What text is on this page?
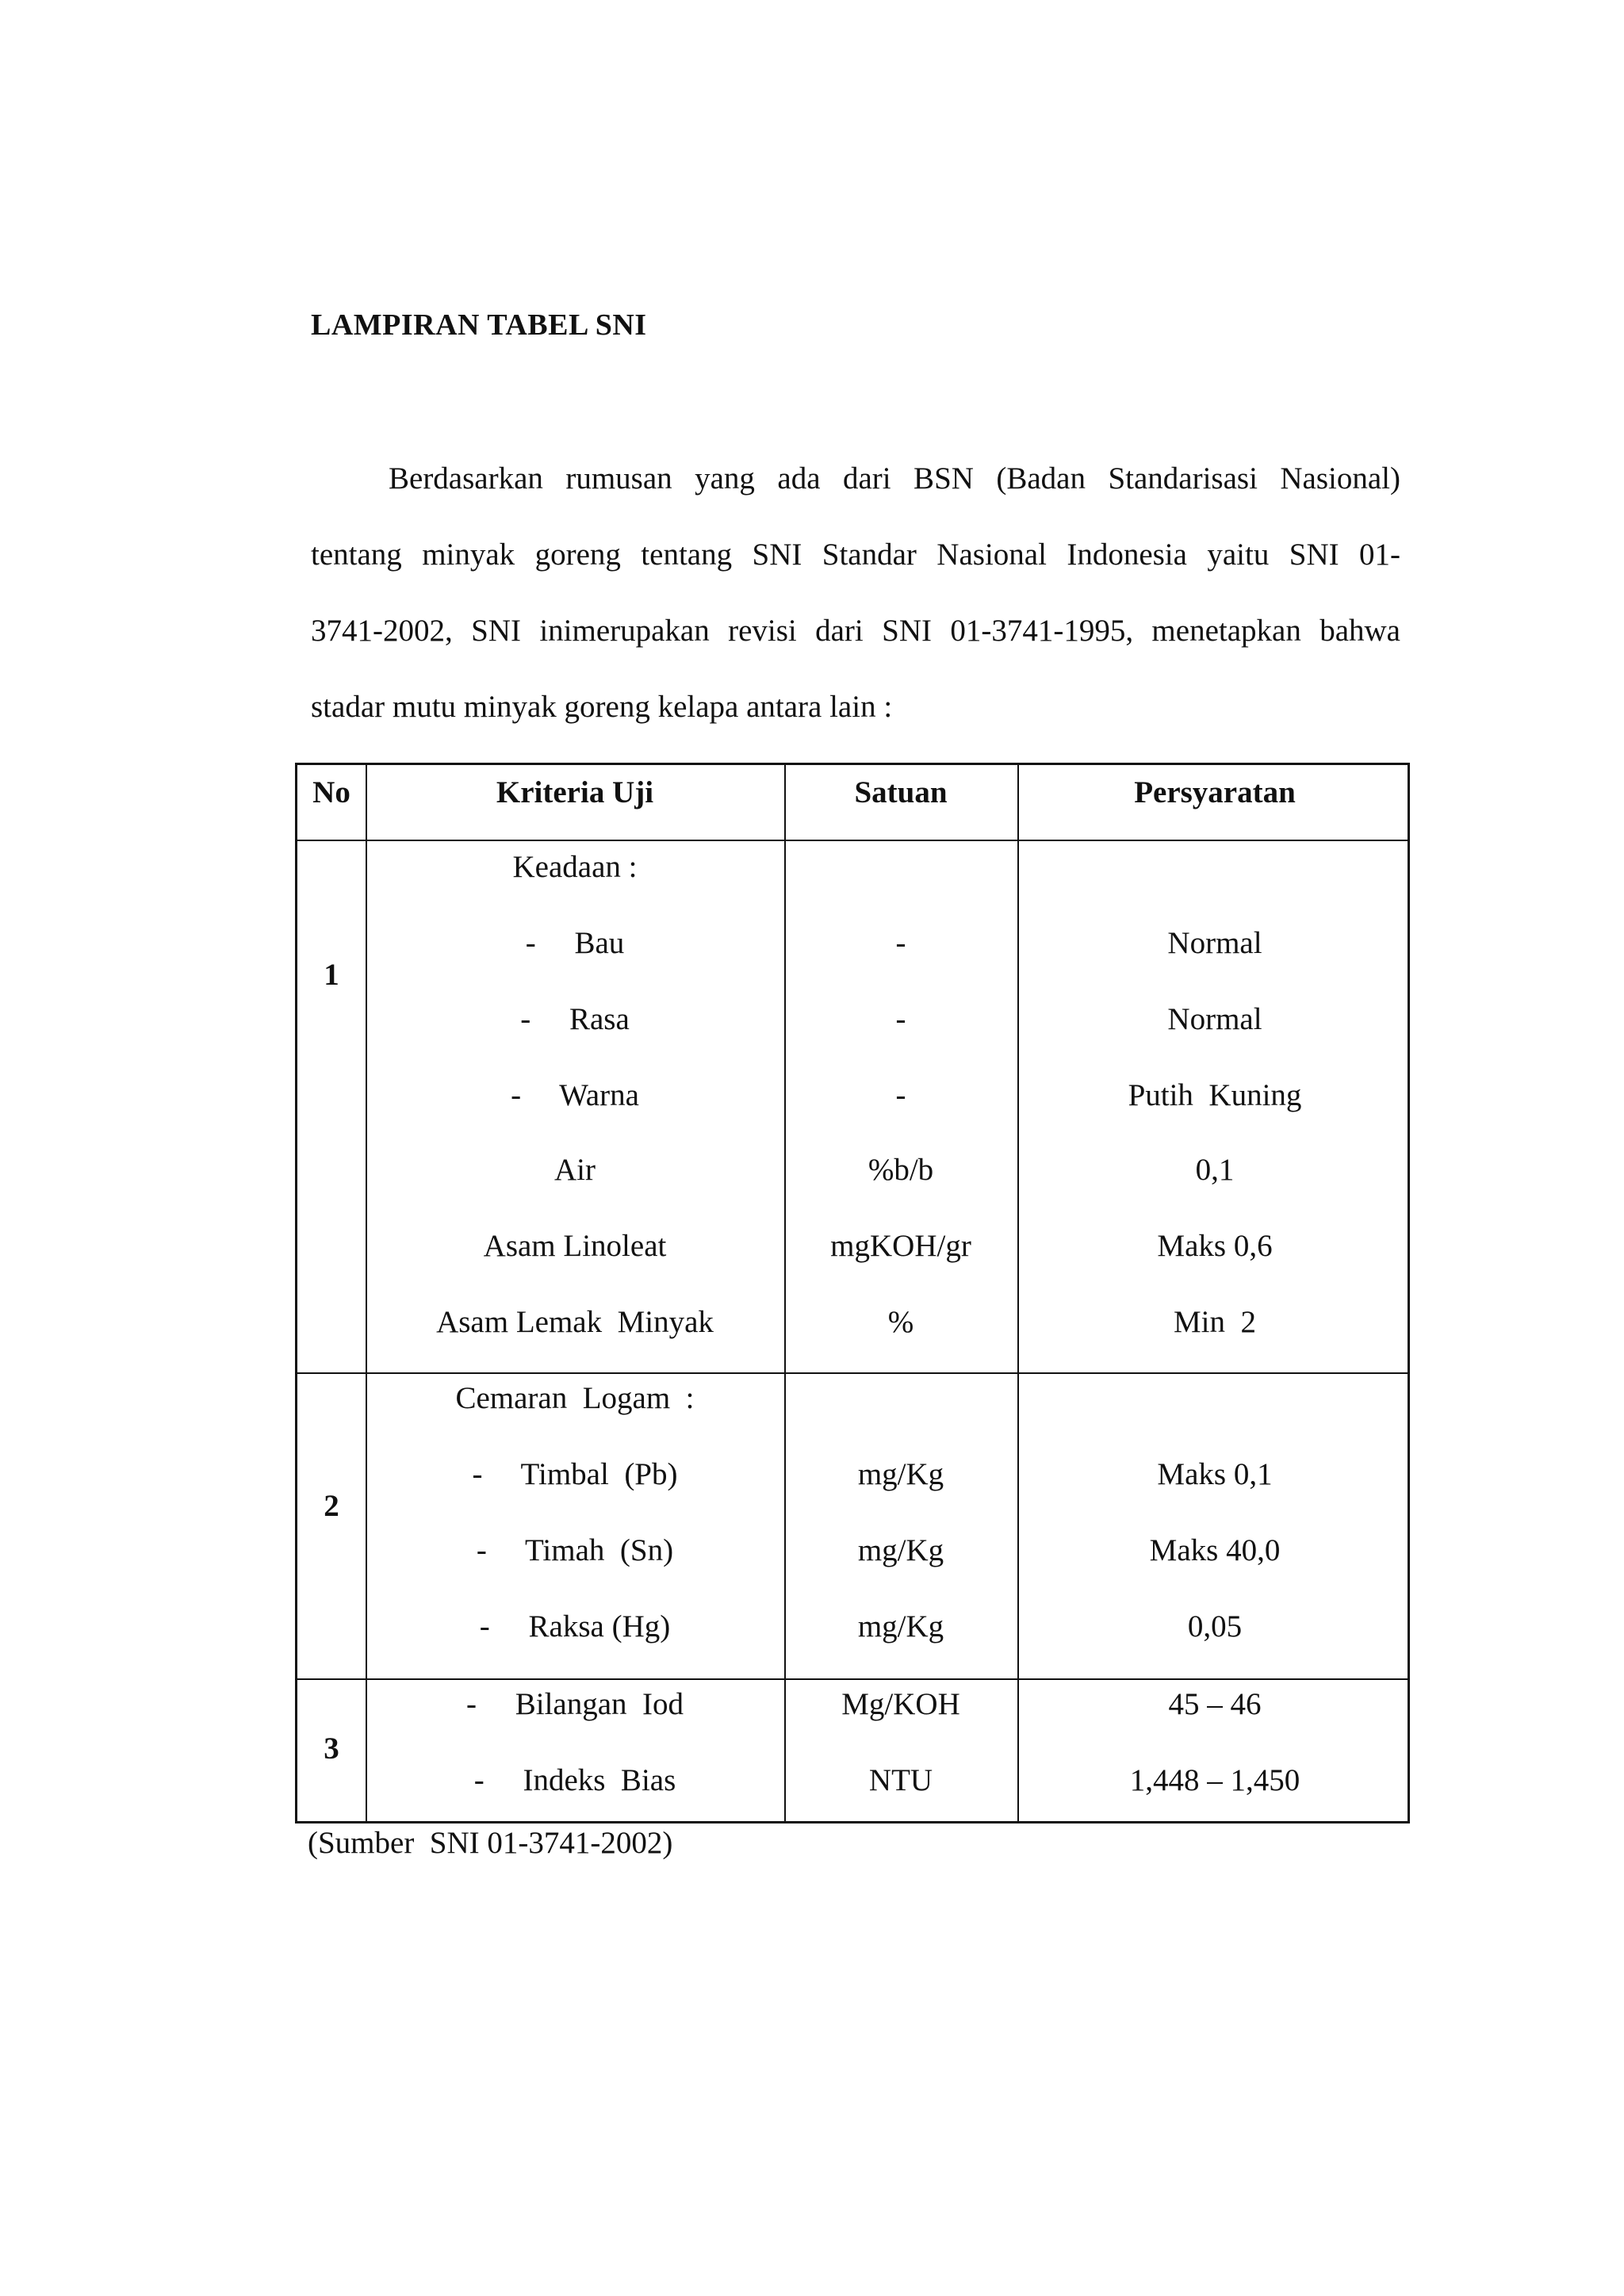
LAMPIRAN TABEL SNI
Berdasarkan rumusan yang ada dari BSN (Badan Standarisasi Nasional)
tentang minyak goreng tentang SNI Standar Nasional Indonesia yaitu SNI 01-
3741-2002, SNI inimerupakan revisi dari SNI 01-3741-1995, menetapkan bahwa
stadar mutu minyak goreng kelapa antara lain :
No	Kriteria Uji	Satuan	Persyaratan
1
Keadaan :
-     Bau	-	Normal
-     Rasa	-	Normal
-     Warna	-	Putih  Kuning
Air	%b/b	0,1
Asam Linoleat	mgKOH/gr	Maks 0,6
Asam Lemak  Minyak	%	Min  2
2
Cemaran  Logam  :
-     Timbal  (Pb)	mg/Kg	Maks 0,1
-     Timah  (Sn)	mg/Kg	Maks 40,0
-     Raksa (Hg)	mg/Kg	0,05
3
-     Bilangan  Iod	Mg/KOH	45 – 46
-     Indeks  Bias	NTU	1,448 – 1,450
(Sumber  SNI 01-3741-2002)
